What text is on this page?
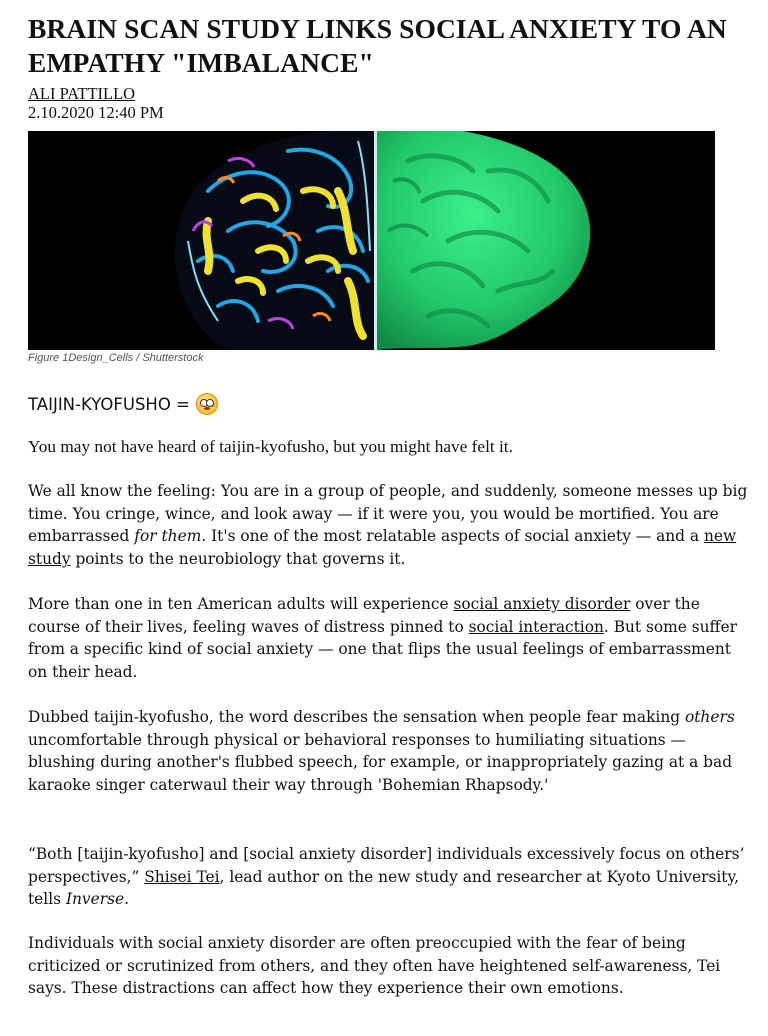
BRAIN SCAN STUDY LINKS SOCIAL ANXIETY TO AN EMPATHY "IMBALANCE"
ALI PATTILLO
2.10.2020 12:40 PM
Figure 1Design_Cells / Shutterstock
TAIJIN-KYOFUSHO =

You may not have heard of taijin-kyofusho, but you might have felt it.

We all know the feeling: You are in a group of people, and suddenly, someone messes up big time. You cringe, wince, and look away — if it were you, you would be mortified. You are embarrassed for them. It's one of the most relatable aspects of social anxiety — and a new study points to the neurobiology that governs it.

More than one in ten American adults will experience social anxiety disorder over the course of their lives, feeling waves of distress pinned to social interaction. But some suffer from a specific kind of social anxiety — one that flips the usual feelings of embarrassment on their head.

Dubbed taijin-kyofusho, the word describes the sensation when people fear making others uncomfortable through physical or behavioral responses to humiliating situations — blushing during another's flubbed speech, for example, or inappropriately gazing at a bad karaoke singer caterwaul their way through 'Bohemian Rhapsody.'

“Both [taijin-kyofusho] and [social anxiety disorder] individuals excessively focus on others’ perspectives,” Shisei Tei, lead author on the new study and researcher at Kyoto University, tells Inverse.

Individuals with social anxiety disorder are often preoccupied with the fear of being criticized or scrutinized from others, and they often have heightened self-awareness, Tei says. These distractions can affect how they experience their own emotions.
